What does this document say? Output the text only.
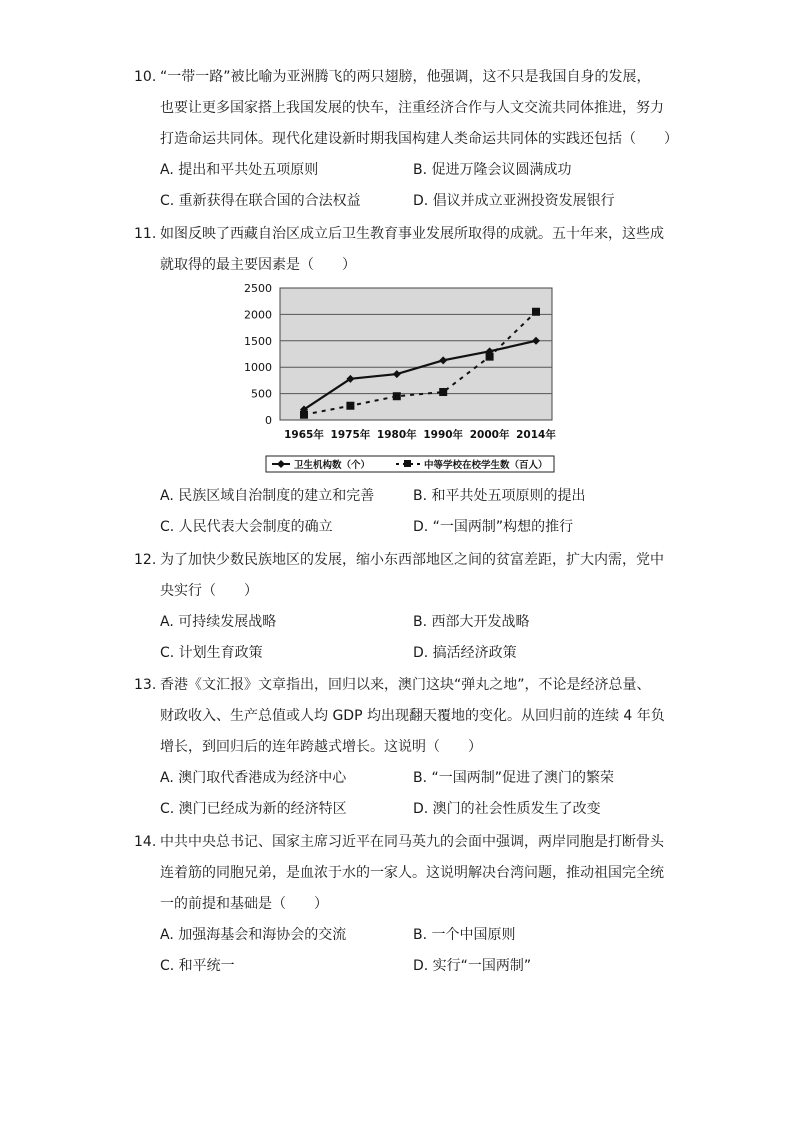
10. “一带一路”被比喻为亚洲腾飞的两只翅膀，他强调，这不只是我国自身的发展，
也要让更多国家搭上我国发展的快车，注重经济合作与人文交流共同体推进，努力
打造命运共同体。现代化建设新时期我国构建人类命运共同体的实践还包括（　　）
A. 提出和平共处五项原则	B. 促进万隆会议圆满成功
C. 重新获得在联合国的合法权益	D. 倡议并成立亚洲投资发展银行
11. 如图反映了西藏自治区成立后卫生教育事业发展所取得的成就。五十年来，这些成
就取得的最主要因素是（　　）
2500
2000
1500
1000
500
0
1965年 1975年 1980年 1990年 2000年 2014年
卫生机构数（个）	中等学校在校学生数（百人）
A. 民族区域自治制度的建立和完善	B. 和平共处五项原则的提出
C. 人民代表大会制度的确立	D. “一国两制”构想的推行
12. 为了加快少数民族地区的发展，缩小东西部地区之间的贫富差距，扩大内需，党中
央实行（　　）
A. 可持续发展战略	B. 西部大开发战略
C. 计划生育政策	D. 搞活经济政策
13. 香港《文汇报》文章指出，回归以来，澳门这块“弹丸之地”，不论是经济总量、
财政收入、生产总值或人均 GDP 均出现翻天覆地的变化。从回归前的连续 4 年负
增长，到回归后的连年跨越式增长。这说明（　　）
A. 澳门取代香港成为经济中心	B. “一国两制”促进了澳门的繁荣
C. 澳门已经成为新的经济特区	D. 澳门的社会性质发生了改变
14. 中共中央总书记、国家主席习近平在同马英九的会面中强调，两岸同胞是打断骨头
连着筋的同胞兄弟，是血浓于水的一家人。这说明解决台湾问题，推动祖国完全统
一的前提和基础是（　　）
A. 加强海基会和海协会的交流	B. 一个中国原则
C. 和平统一	D. 实行“一国两制”
